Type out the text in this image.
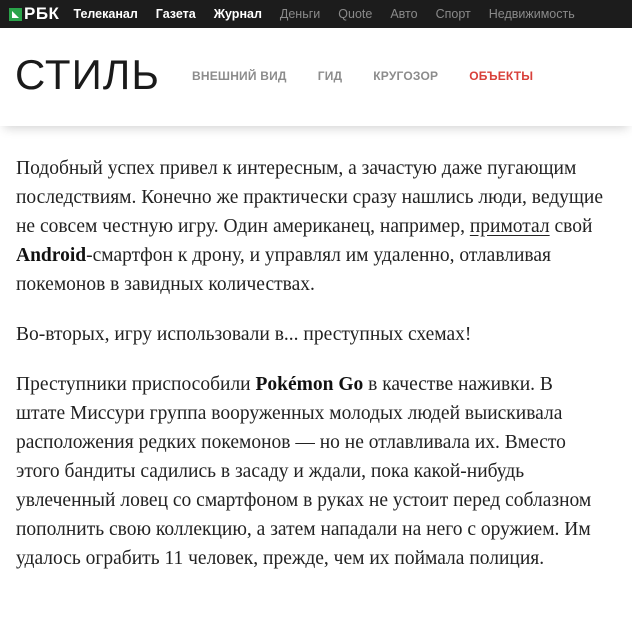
РБК Телеканал Газета Журнал Деньги Quote Авто Спорт Недвижимость
СТИЛЬ	ВНЕШНИЙ ВИД	ГИД	КРУГОЗОР	ОБЪЕКТЫ

Подобный успех привел к интересным, а зачастую даже пугающим последствиям. Конечно же практически сразу нашлись люди, ведущие не совсем честную игру. Один американец, например, примотал свой Android-смартфон к дрону, и управлял им удаленно, отлавливая покемонов в завидных количествах.

Во-вторых, игру использовали в... преступных схемах!

Преступники приспособили Pokémon Go в качестве наживки. В штате Миссури группа вооруженных молодых людей выискивала расположения редких покемонов — но не отлавливала их. Вместо этого бандиты садились в засаду и ждали, пока какой-нибудь увлеченный ловец со смартфоном в руках не устоит перед соблазном пополнить свою коллекцию, а затем нападали на него с оружием. Им удалось ограбить 11 человек, прежде, чем их поймала полиция.
